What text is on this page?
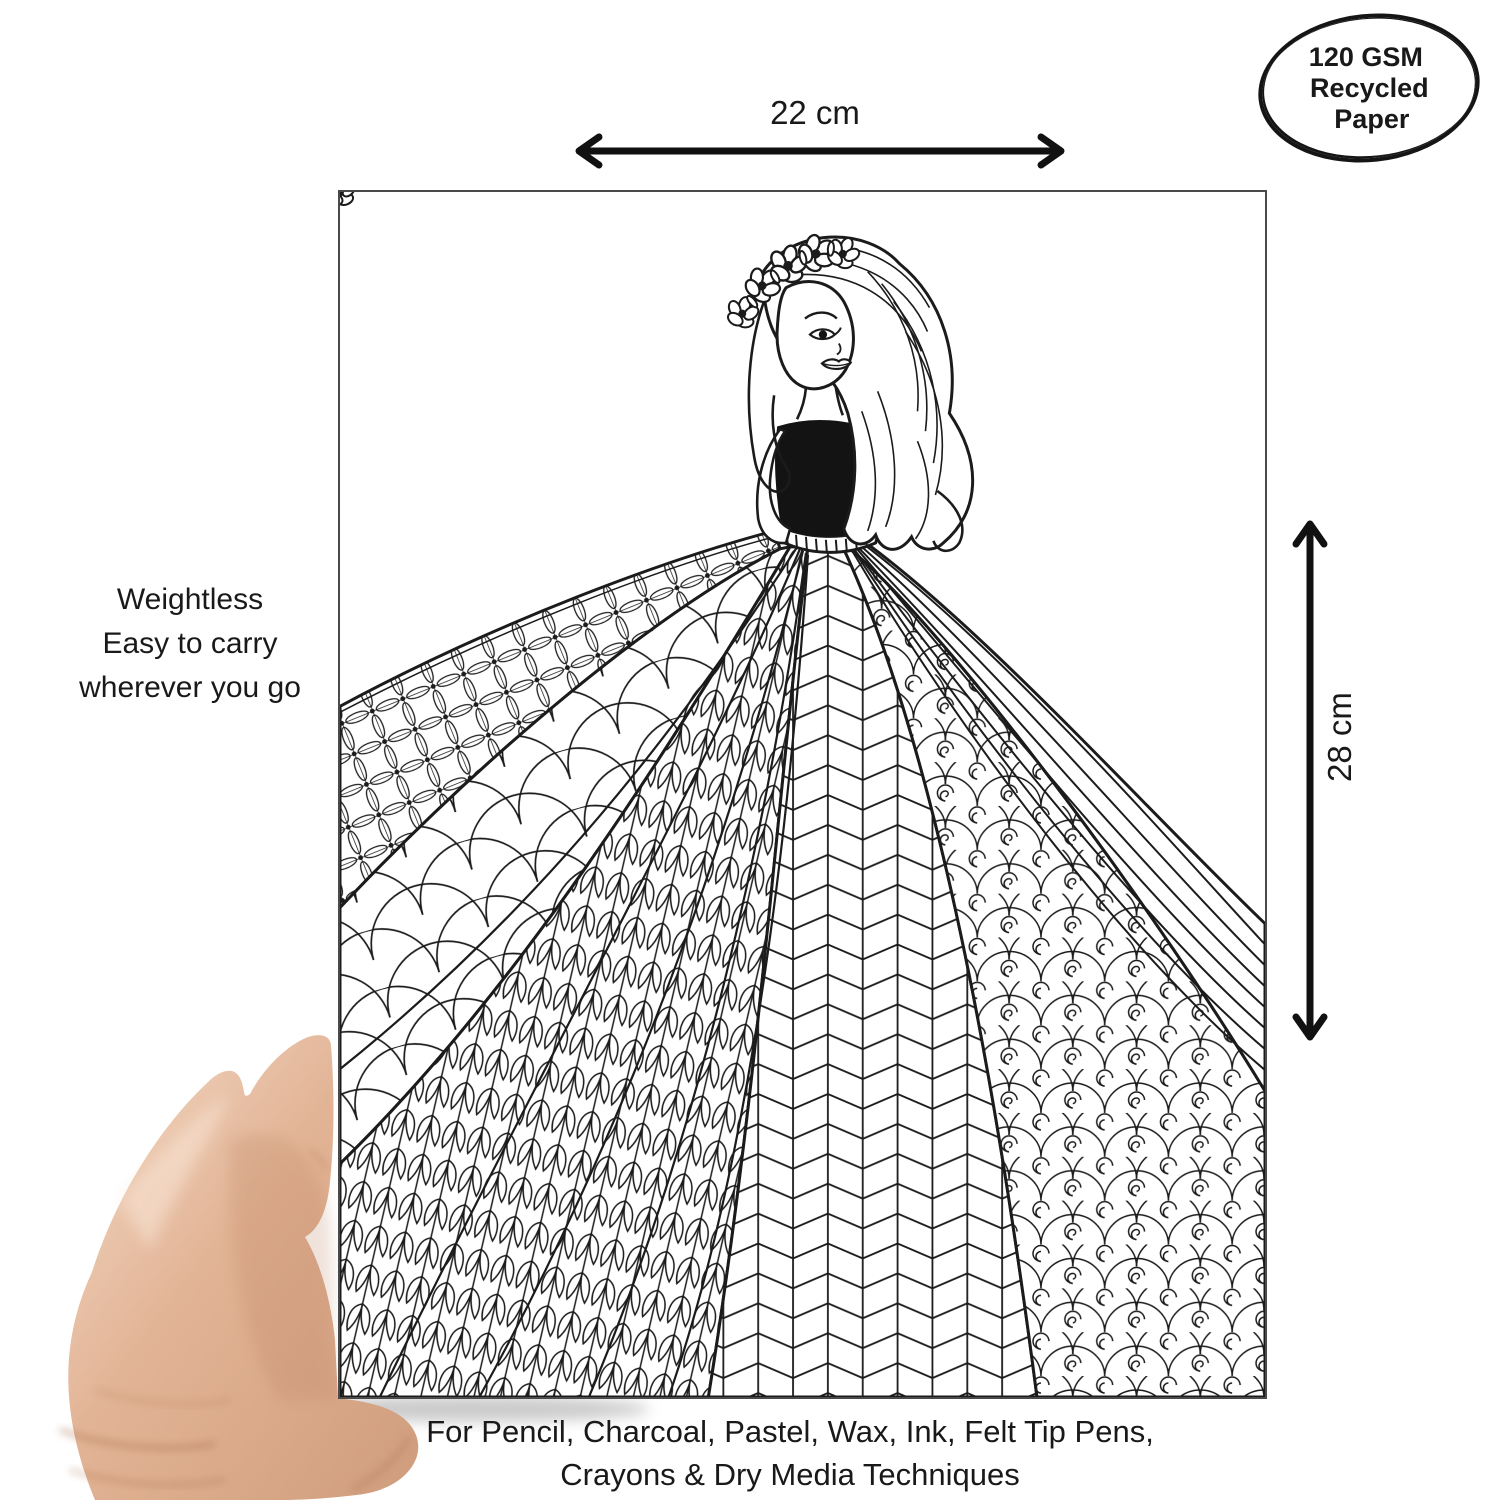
120 GSM
Recycled
Paper
22 cm
28 cm
Weightless
Easy to carry
wherever you go
For Pencil, Charcoal, Pastel, Wax, Ink, Felt Tip Pens,
Crayons & Dry Media Techniques
